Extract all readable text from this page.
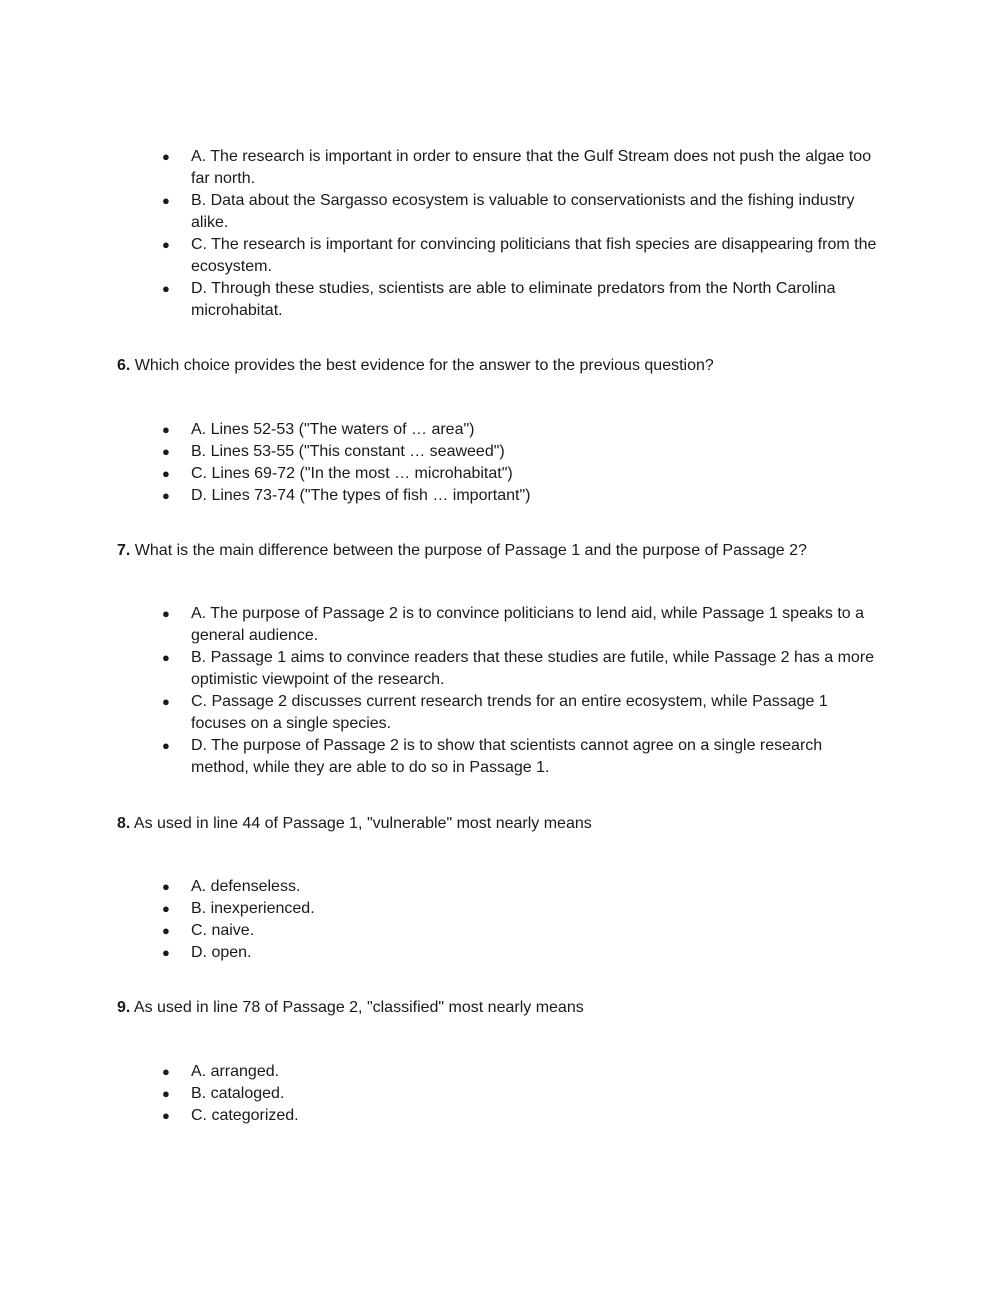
● A. The research is important in order to ensure that the Gulf Stream does not push the algae too far north.
● B. Data about the Sargasso ecosystem is valuable to conservationists and the fishing industry alike.
● C. The research is important for convincing politicians that fish species are disappearing from the ecosystem.
● D. Through these studies, scientists are able to eliminate predators from the North Carolina microhabitat.

6. Which choice provides the best evidence for the answer to the previous question?

● A. Lines 52-53 ("The waters of … area")
● B. Lines 53-55 ("This constant … seaweed")
● C. Lines 69-72 ("In the most … microhabitat")
● D. Lines 73-74 ("The types of fish … important")

7. What is the main difference between the purpose of Passage 1 and the purpose of Passage 2?

● A. The purpose of Passage 2 is to convince politicians to lend aid, while Passage 1 speaks to a general audience.
● B. Passage 1 aims to convince readers that these studies are futile, while Passage 2 has a more optimistic viewpoint of the research.
● C. Passage 2 discusses current research trends for an entire ecosystem, while Passage 1 focuses on a single species.
● D. The purpose of Passage 2 is to show that scientists cannot agree on a single research method, while they are able to do so in Passage 1.

8. As used in line 44 of Passage 1, "vulnerable" most nearly means

● A. defenseless.
● B. inexperienced.
● C. naive.
● D. open.

9. As used in line 78 of Passage 2, "classified" most nearly means

● A. arranged.
● B. cataloged.
● C. categorized.
